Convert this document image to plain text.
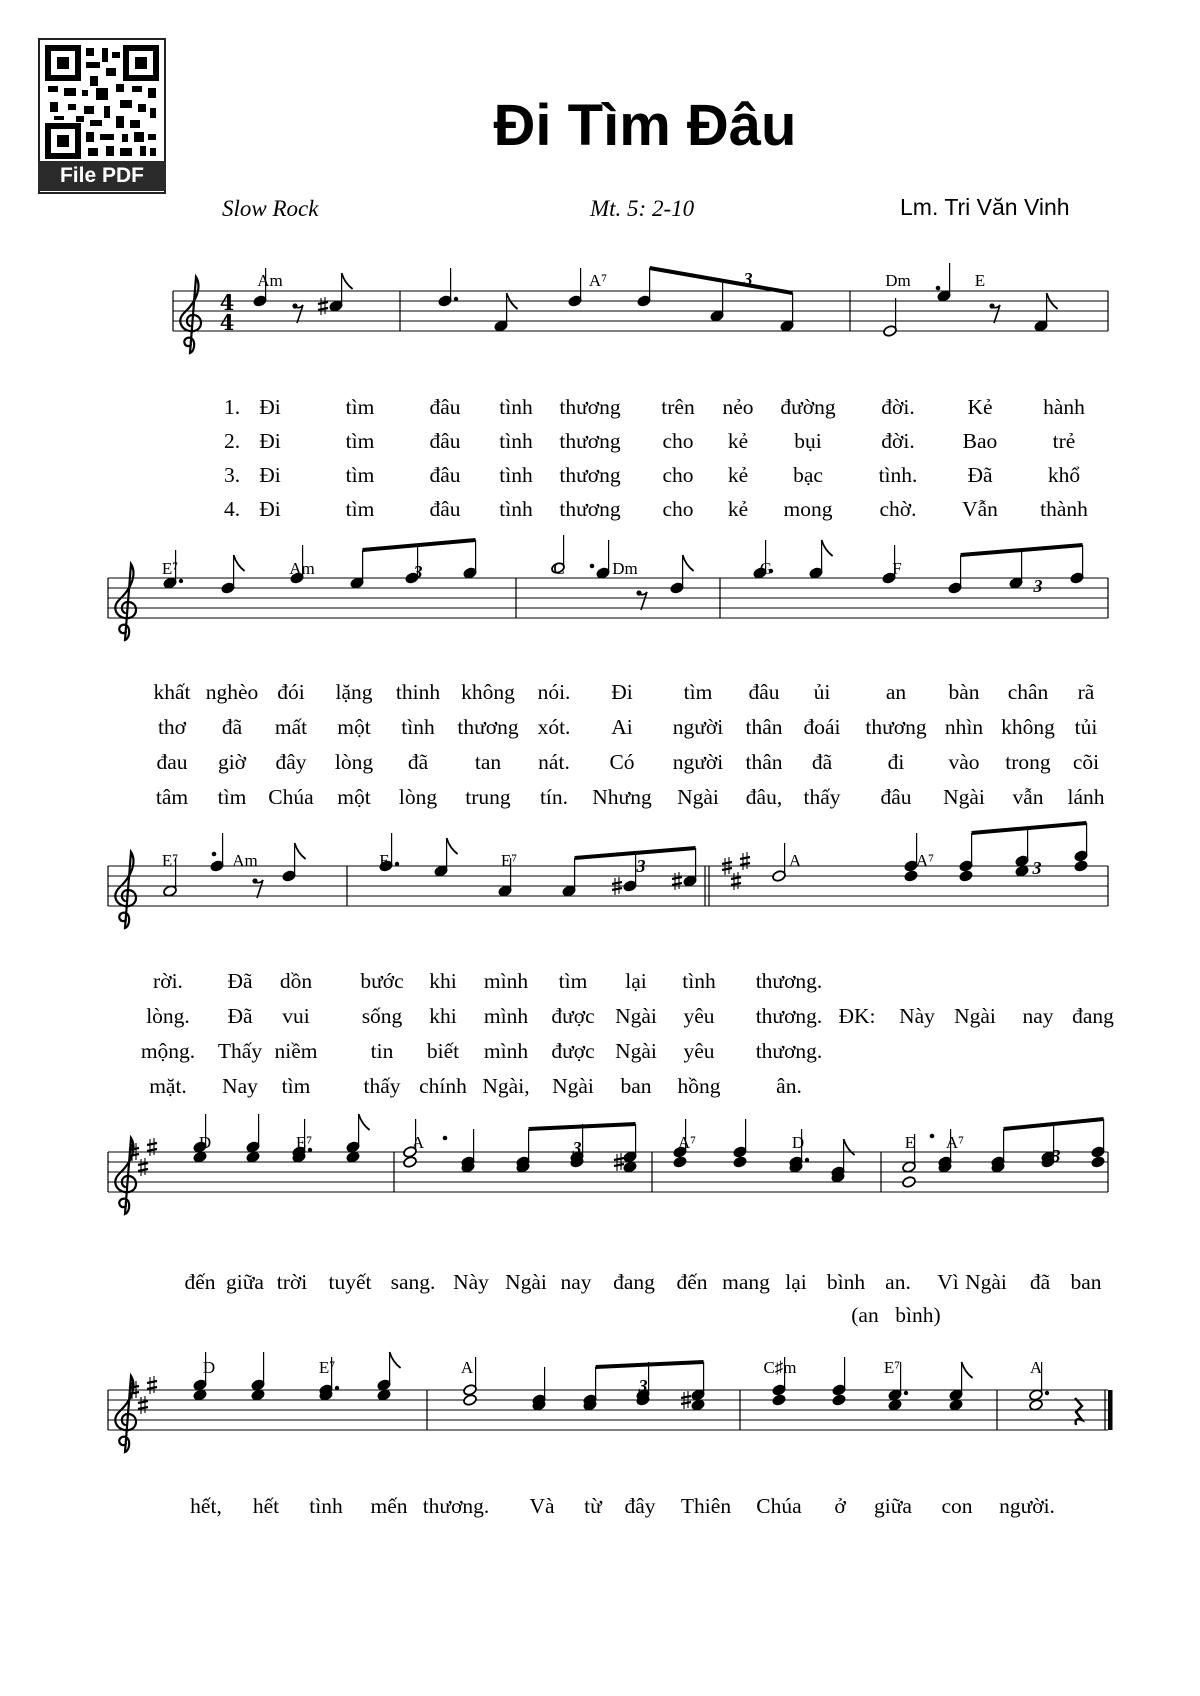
File PDF
Đi Tìm Đâu
Slow Rock	Mt. 5: 2-10	Lm. Tri Văn Vinh
4
4
3
Am	A⁷	Dm	E
1. Đi	tìm	đâu tình thương trên nẻo đường đời. Kẻ hành
2. Đi	tìm	đâu tình thương cho kẻ bụi	đời. Bao	trẻ
3. Đi	tìm	đâu tình thương cho kẻ bạc	tình. Đã	khổ
4. Đi	tìm	đâu tình thương cho kẻ mong chờ. Vẫn thành
3
3
E⁷	Am	C	Dm	G	F
khất nghèo đói lặng thinh không nói. Đi tìm đâu ủi	an bàn chân rã
thơ đã mất một tình thương xót. Ai người thân đoái thương nhìn không tủi
đau giờ đây lòng đã tan nát. Có người thân đã	đi vào trong cõi
tâm tìm Chúa một lòng trung tín. Nhưng Ngài đâu, thấy đâu Ngài vẫn lánh
3	3
E⁷	Am	F	E⁷	A	A⁷
rời. Đã dồn bước khi mình tìm lại tình thương.
lòng. Đã vui sống khi mình được Ngài yêu thương. ĐK: Này Ngài nay đang
mộng. Thấy niềm tin biết mình được Ngài yêu thương.
mặt. Nay tìm thấy chính Ngài, Ngài ban hồng	ân.
3	3
D	E⁷	A	A⁷	D	E A⁷
đến giữa trời tuyết sang. Này Ngài nay đang đến mang lại bình an. Vì Ngài đã ban
(an bình)
3
D	E⁷	A	C♯m	E⁷	A
hết, hết tình mến thương. Và từ đây Thiên Chúa ở giữa con người.
